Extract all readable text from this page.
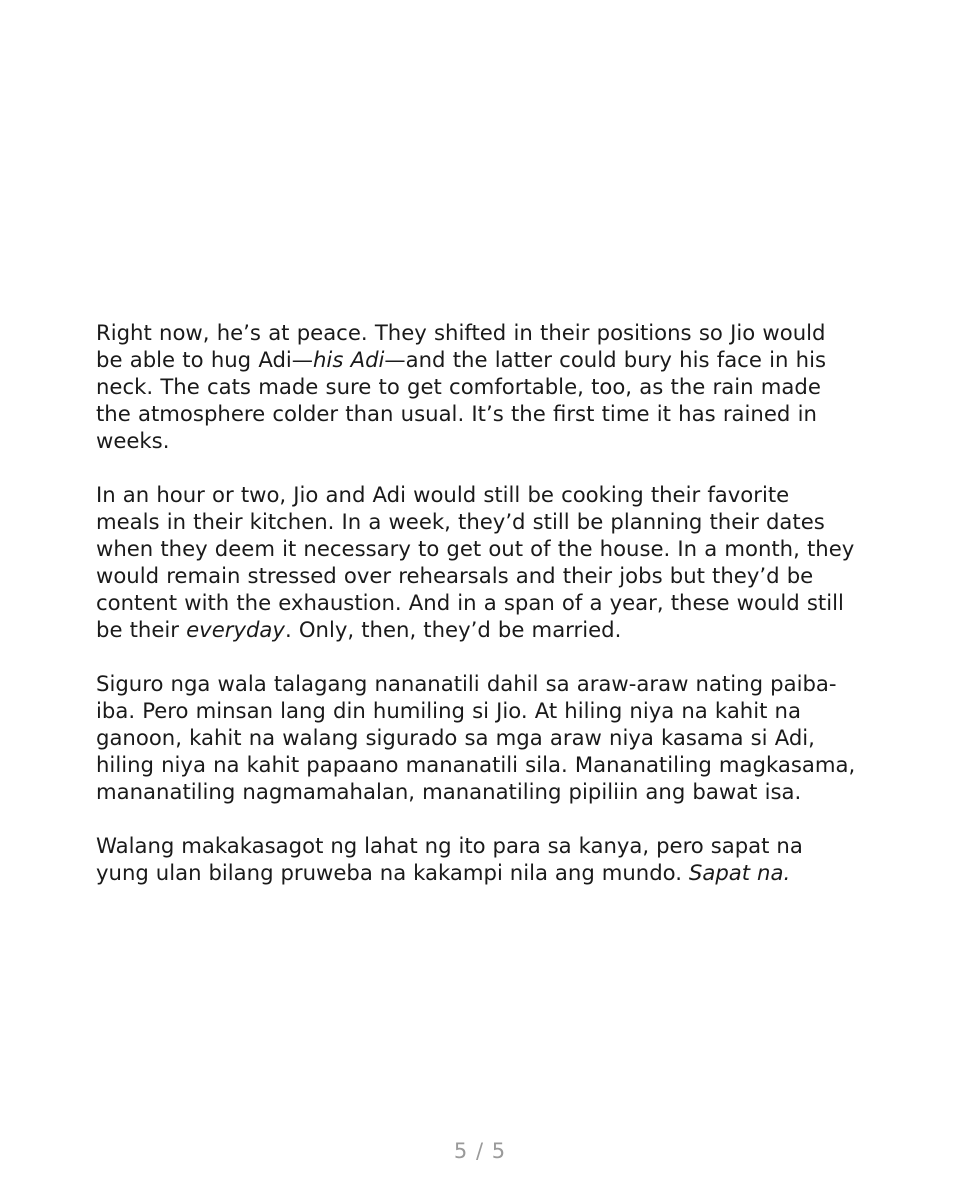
Right now, he’s at peace. They shifted in their positions so Jio would
be able to hug Adi—his Adi—and the latter could bury his face in his
neck. The cats made sure to get comfortable, too, as the rain made
the atmosphere colder than usual. It’s the first time it has rained in
weeks.

In an hour or two, Jio and Adi would still be cooking their favorite
meals in their kitchen. In a week, they’d still be planning their dates
when they deem it necessary to get out of the house. In a month, they
would remain stressed over rehearsals and their jobs but they’d be
content with the exhaustion. And in a span of a year, these would still
be their everyday. Only, then, they’d be married.

Siguro nga wala talagang nananatili dahil sa araw-araw nating paiba-
iba. Pero minsan lang din humiling si Jio. At hiling niya na kahit na
ganoon, kahit na walang sigurado sa mga araw niya kasama si Adi,
hiling niya na kahit papaano mananatili sila. Mananatiling magkasama,
mananatiling nagmamahalan, mananatiling pipiliin ang bawat isa.

Walang makakasagot ng lahat ng ito para sa kanya, pero sapat na
yung ulan bilang pruweba na kakampi nila ang mundo. Sapat na.

5 / 5
